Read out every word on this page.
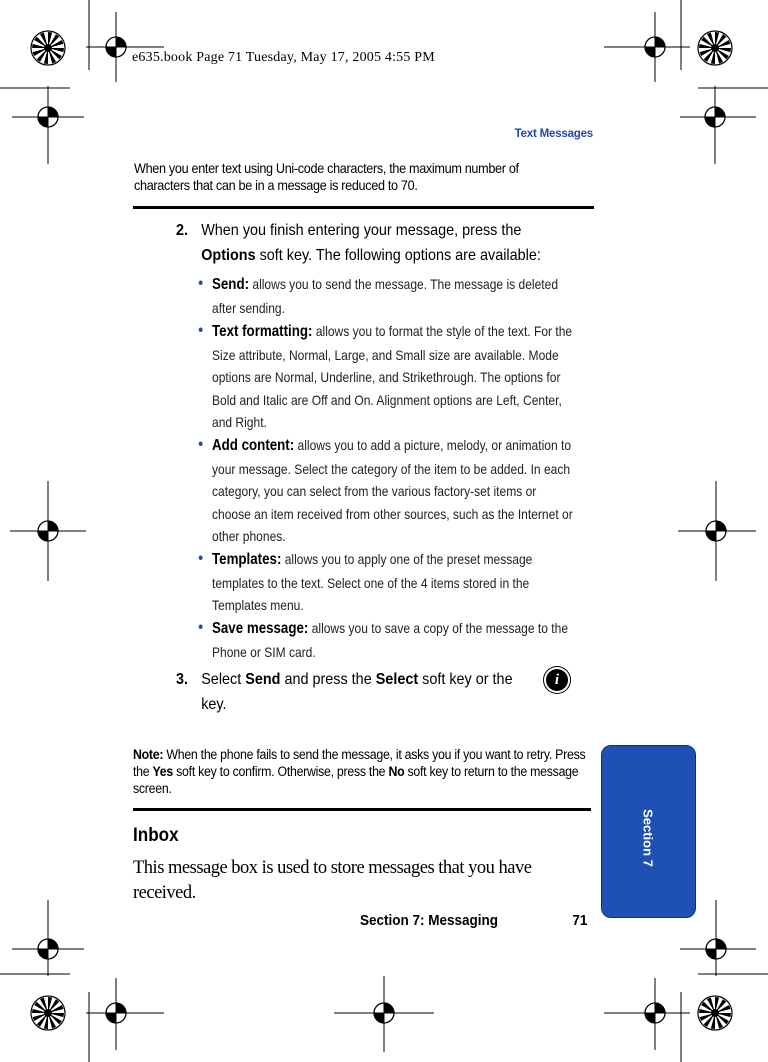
e635.book Page 71 Tuesday, May 17, 2005 4:55 PM
Text Messages
When you enter text using Uni-code characters, the maximum number of characters that can be in a message is reduced to 70.
2. When you finish entering your message, press the
Options soft key. The following options are available:
• Send: allows you to send the message. The message is deleted after sending.
• Text formatting: allows you to format the style of the text. For the Size attribute, Normal, Large, and Small size are available. Mode options are Normal, Underline, and Strikethrough. The options for Bold and Italic are Off and On. Alignment options are Left, Center, and Right.
• Add content: allows you to add a picture, melody, or animation to your message. Select the category of the item to be added. In each category, you can select from the various factory-set items or choose an item received from other sources, such as the Internet or other phones.
• Templates: allows you to apply one of the preset message templates to the text. Select one of the 4 items stored in the Templates menu.
• Save message: allows you to save a copy of the message to the Phone or SIM card.
3. Select Send and press the Select soft key or the
key.
i
Note: When the phone fails to send the message, it asks you if you want to retry. Press the Yes soft key to confirm. Otherwise, press the No soft key to return to the message screen.
Inbox
This message box is used to store messages that you have received.
Section 7: Messaging	71
Section 7
